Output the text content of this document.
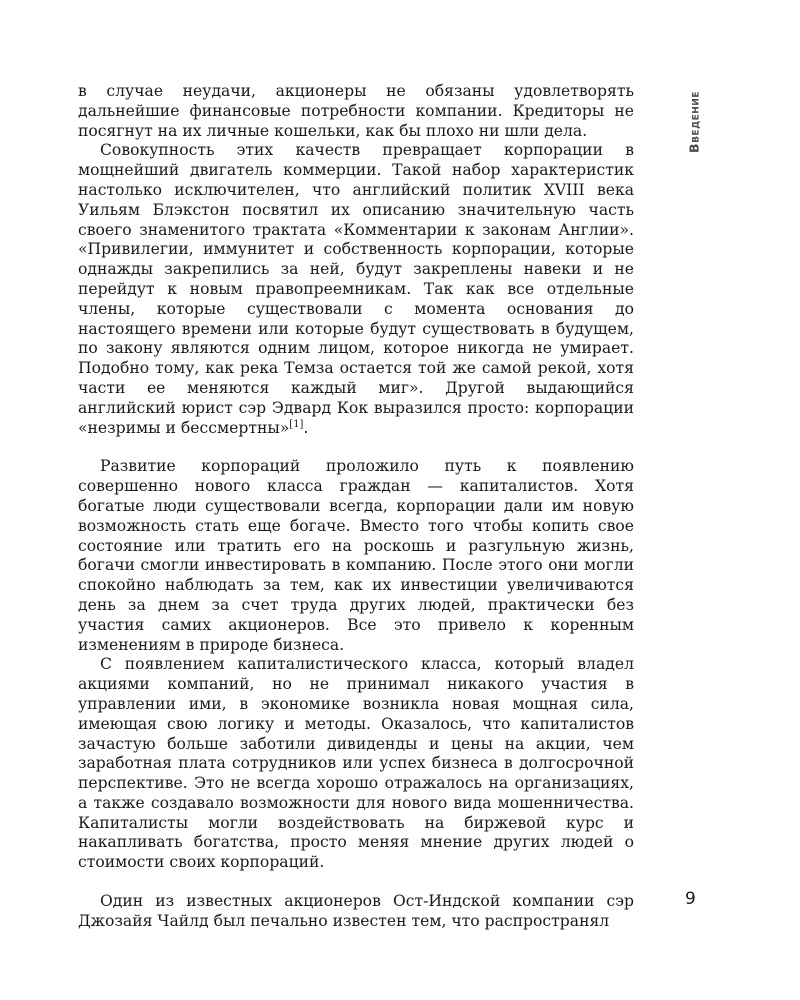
в случае неудачи, акционеры не обязаны удовлетворять дальнейшие финансовые потребности компании. Кредиторы не посягнут на их личные кошельки, как бы плохо ни шли дела.

Совокупность этих качеств превращает корпорации в мощнейший двигатель коммерции. Такой набор характеристик настолько исключителен, что английский политик XVIII века Уильям Блэкстон посвятил их описанию значительную часть своего знаменитого трактата «Комментарии к законам Англии». «Привилегии, иммунитет и собственность корпорации, которые однажды закрепились за ней, будут закреплены навеки и не перейдут к новым правопреемникам. Так как все отдельные члены, которые существовали с момента основания до настоящего времени или которые будут существовать в будущем, по закону являются одним лицом, которое никогда не умирает. Подобно тому, как река Темза остается той же самой рекой, хотя части ее меняются каждый миг». Другой выдающийся английский юрист сэр Эдвард Кок выразился просто: корпорации «незримы и бессмертны»[1].

Развитие корпораций проложило путь к появлению совершенно нового класса граждан — капиталистов. Хотя богатые люди существовали всегда, корпорации дали им новую возможность стать еще богаче. Вместо того чтобы копить свое состояние или тратить его на роскошь и разгульную жизнь, богачи смогли инвестировать в компанию. После этого они могли спокойно наблюдать за тем, как их инвестиции увеличиваются день за днем за счет труда других людей, практически без участия самих акционеров. Все это привело к коренным изменениям в природе бизнеса.

С появлением капиталистического класса, который владел акциями компаний, но не принимал никакого участия в управлении ими, в экономике возникла новая мощная сила, имеющая свою логику и методы. Оказалось, что капиталистов зачастую больше заботили дивиденды и цены на акции, чем заработная плата сотрудников или успех бизнеса в долгосрочной перспективе. Это не всегда хорошо отражалось на организациях, а также создавало возможности для нового вида мошенничества. Капиталисты могли воздействовать на биржевой курс и накапливать богатства, просто меняя мнение других людей о стоимости своих корпораций.

Один из известных акционеров Ост-Индской компании сэр Джозайя Чайлд был печально известен тем, что распространял

Введение
9
